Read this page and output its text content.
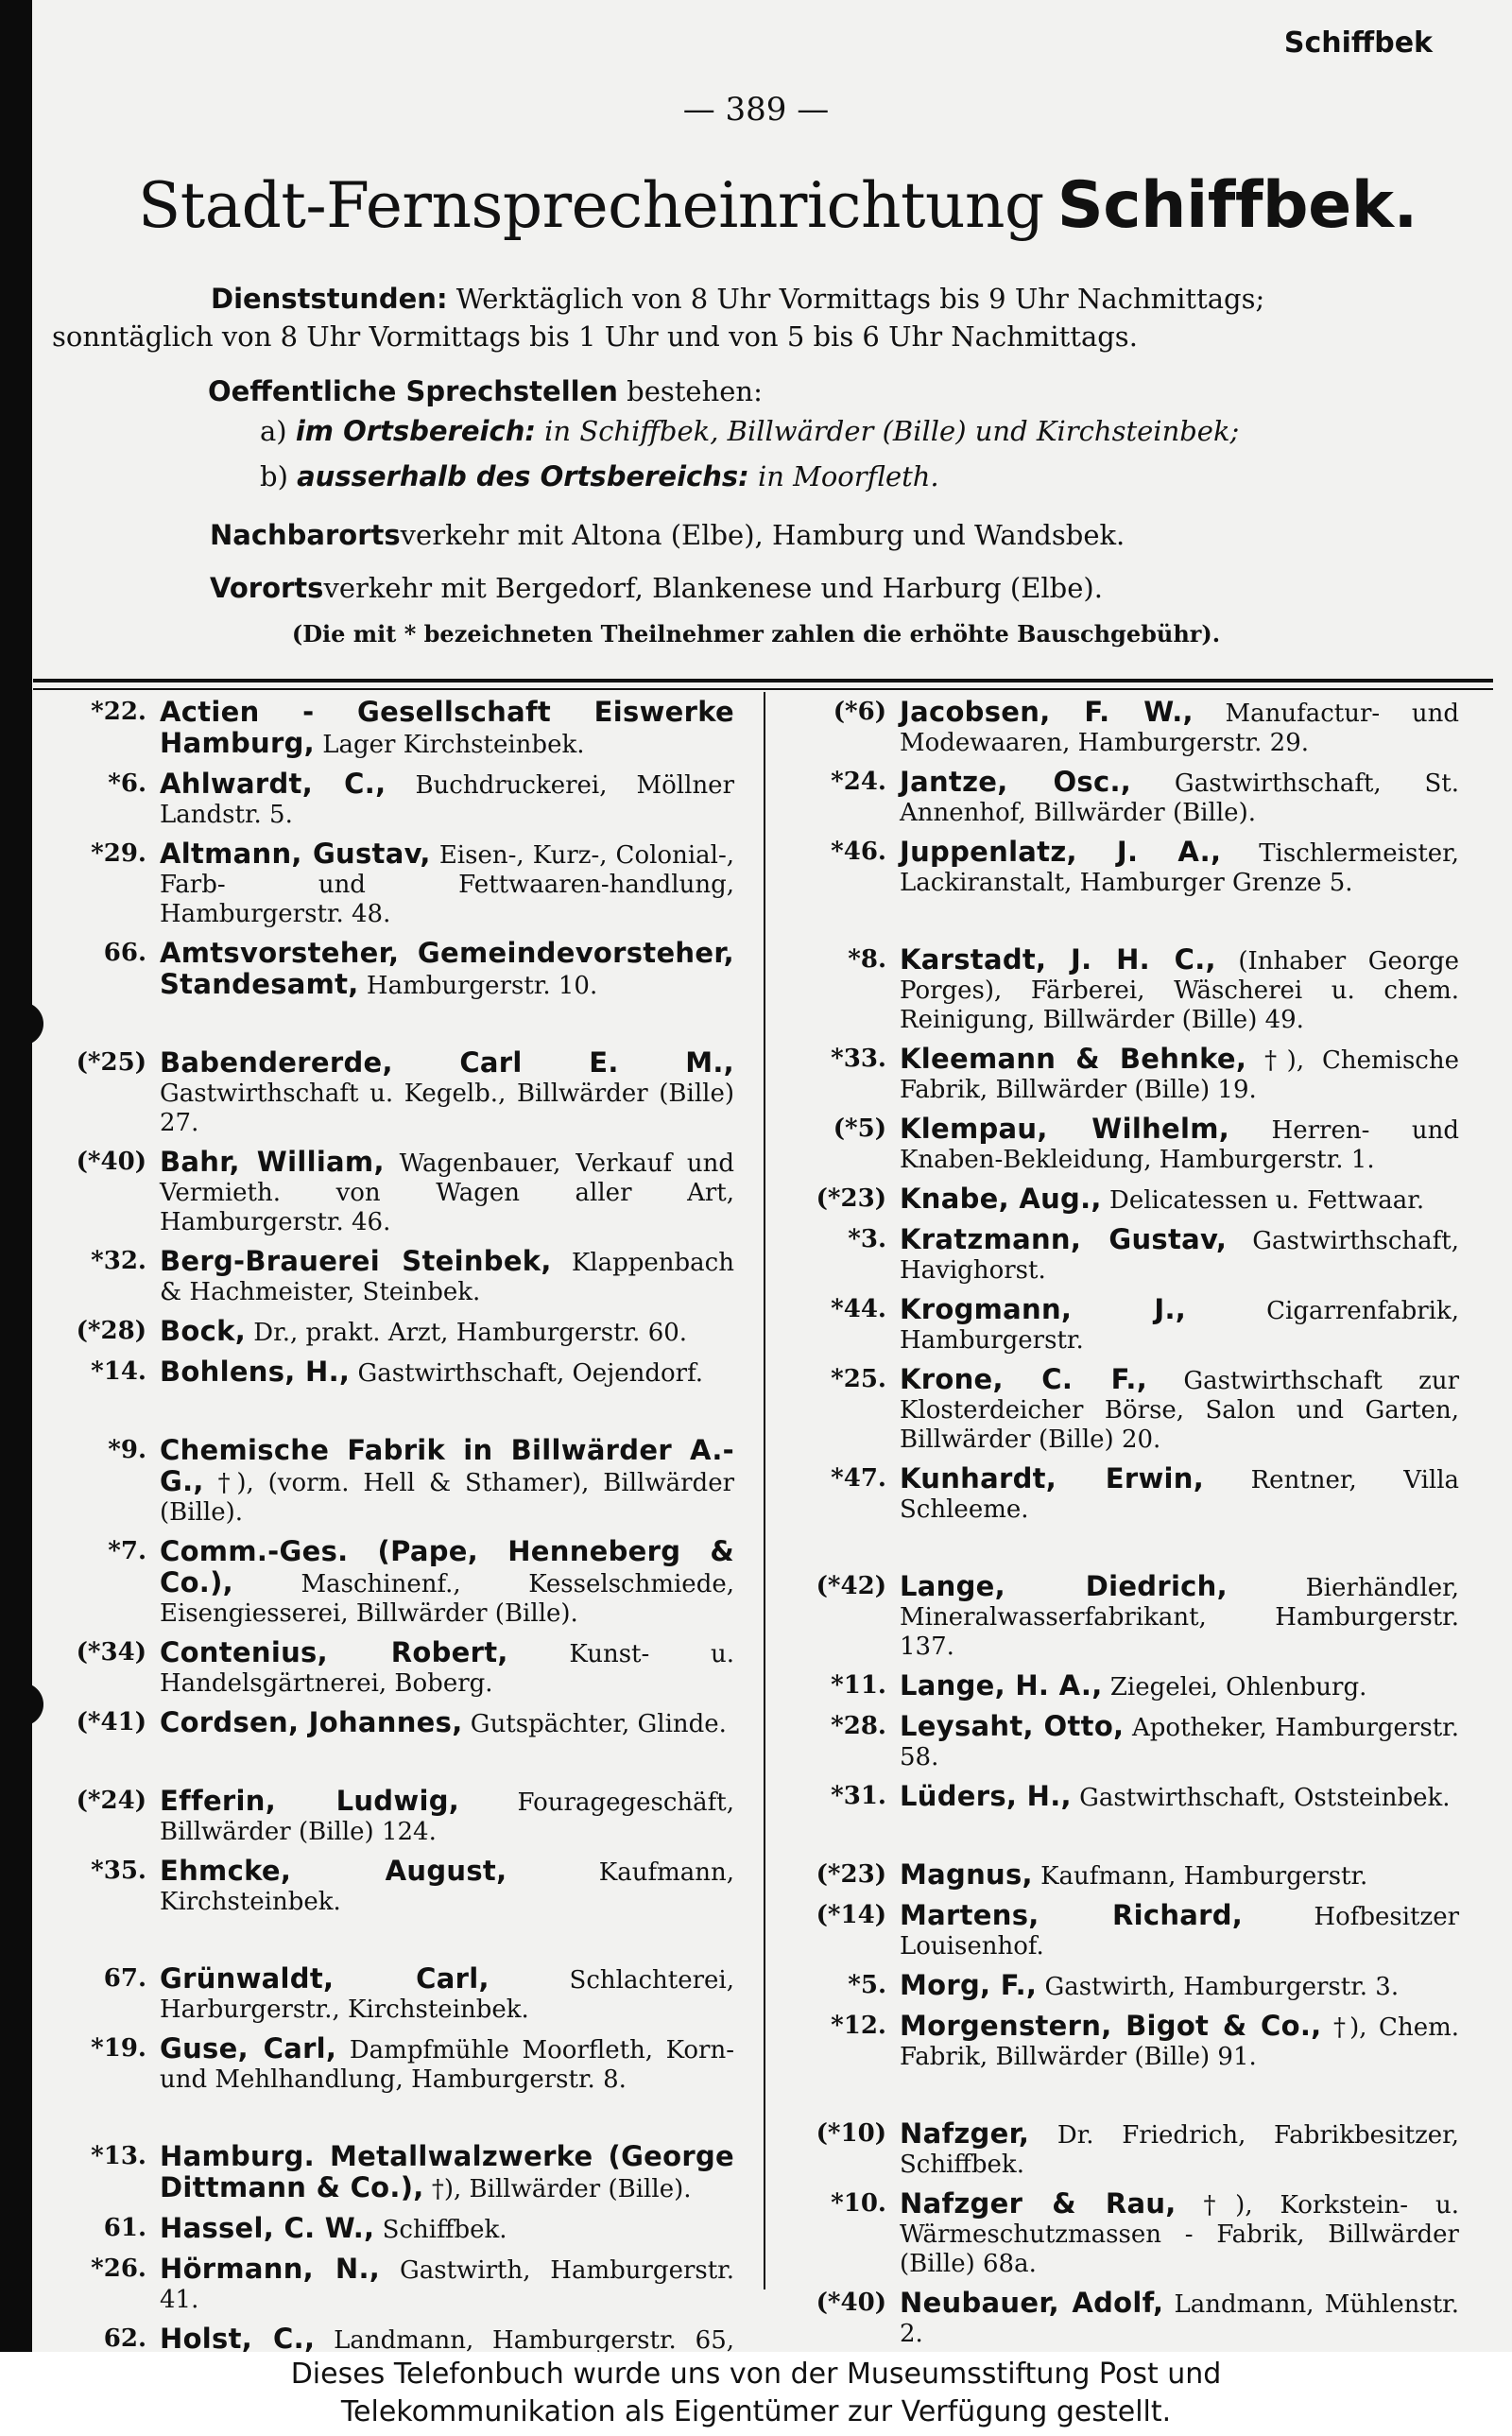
Schiffbek
— 389 —
Stadt-Fernsprecheinrichtung Schiffbek.
Dienststunden: Werktäglich von 8 Uhr Vormittags bis 9 Uhr Nachmittags; sonntäglich von 8 Uhr Vormittags bis 1 Uhr und von 5 bis 6 Uhr Nachmittags.
Oeffentliche Sprechstellen bestehen:
a) im Ortsbereich: in Schiffbek, Billwärder (Bille) und Kirchsteinbek;
b) ausserhalb des Ortsbereichs: in Moorfleth.
Nachbarortsverkehr mit Altona (Elbe), Hamburg und Wandsbek.
Vorortsverkehr mit Bergedorf, Blankenese und Harburg (Elbe).
(Die mit * bezeichneten Theilnehmer zahlen die erhöhte Bauschgebühr).
*22. Actien - Gesellschaft Eiswerke Hamburg, Lager Kirchsteinbek.
*6. Ahlwardt, C., Buchdruckerei, Möllner Landstr. 5.
*29. Altmann, Gustav, Eisen-, Kurz-, Colonial-, Farb- und Fettwaaren-handlung, Hamburgerstr. 48.
66. Amtsvorsteher, Gemeindevorsteher, Standesamt, Hamburgerstr. 10.
(*25) Babendererde, Carl E. M., Gastwirthschaft u. Kegelb., Billwärder (Bille) 27.
(*40) Bahr, William, Wagenbauer, Verkauf und Vermieth. von Wagen aller Art, Hamburgerstr. 46.
*32. Berg-Brauerei Steinbek, Klappenbach & Hachmeister, Steinbek.
(*28) Bock, Dr., prakt. Arzt, Hamburgerstr. 60.
*14. Bohlens, H., Gastwirthschaft, Oejendorf.
*9. Chemische Fabrik in Billwärder A.-G., †), (vorm. Hell & Sthamer), Billwärder (Bille).
*7. Comm.-Ges. (Pape, Henneberg & Co.),	Maschinenf., Kesselschmiede, Eisengiesserei, Billwärder (Bille).
(*34) Contenius, Robert, Kunst- u. Handelsgärtnerei, Boberg.
(*41) Cordsen, Johannes, Gutspächter, Glinde.
(*24) Efferin, Ludwig, Fouragegeschäft, Billwärder (Bille) 124.
*35. Ehmcke, August,	Kaufmann, Kirchsteinbek.
67. Grünwaldt, Carl,	Schlachterei, Harburgerstr., Kirchsteinbek.
*19. Guse, Carl, Dampfmühle Moorfleth, Korn- und Mehlhandlung, Hamburgerstr. 8.
*13. Hamburg. Metallwalzwerke (George Dittmann & Co.), †), Billwärder (Bille).
61. Hassel, C. W., Schiffbek.
*26. Hörmann, N., Gastwirth, Hamburgerstr. 41.
62. Holst, C., Landmann, Hamburgerstr. 65,
(*6) Jacobsen, F. W., Manufactur- und Modewaaren, Hamburgerstr. 29.
*24. Jantze, Osc., Gastwirthschaft, St. Annenhof, Billwärder (Bille).
*46. Juppenlatz, J. A., Tischlermeister, Lackiranstalt, Hamburger Grenze 5.
*8. Karstadt, J. H. C., (Inhaber George Porges), Färberei, Wäscherei u. chem. Reinigung, Billwärder (Bille) 49.
*33. Kleemann & Behnke, †), Chemische Fabrik, Billwärder (Bille) 19.
(*5) Klempau, Wilhelm, Herren- und Knaben-Bekleidung, Hamburgerstr. 1.
(*23) Knabe, Aug., Delicatessen u. Fettwaar.
*3. Kratzmann, Gustav, Gastwirthschaft, Havighorst.
*44. Krogmann, J.,	Cigarrenfabrik, Hamburgerstr.
*25. Krone, C. F., Gastwirthschaft zur Klosterdeicher Börse, Salon und Garten, Billwärder (Bille) 20.
*47. Kunhardt, Erwin, Rentner, Villa Schleeme.
(*42) Lange, Diedrich,	Bierhändler, Mineralwasserfabrikant, Hamburgerstr. 137.
*11. Lange, H. A., Ziegelei, Ohlenburg.
*28. Leysaht, Otto, Apotheker, Hamburgerstr. 58.
*31. Lüders, H., Gastwirthschaft, Oststeinbek.
(*23) Magnus, Kaufmann, Hamburgerstr.
(*14) Martens, Richard,	Hofbesitzer Louisenhof.
*5. Morg, F., Gastwirth, Hamburgerstr. 3.
*12. Morgenstern, Bigot & Co., †), Chem. Fabrik, Billwärder (Bille) 91.
(*10) Nafzger, Dr. Friedrich, Fabrikbesitzer, Schiffbek.
*10. Nafzger & Rau, †), Korkstein- u. Wärmeschutzmassen - Fabrik, Billwärder (Bille) 68a.
(*40) Neubauer, Adolf, Landmann, Mühlenstr. 2.
Dieses Telefonbuch wurde uns von der Museumsstiftung Post und
Telekommunikation als Eigentümer zur Verfügung gestellt.
